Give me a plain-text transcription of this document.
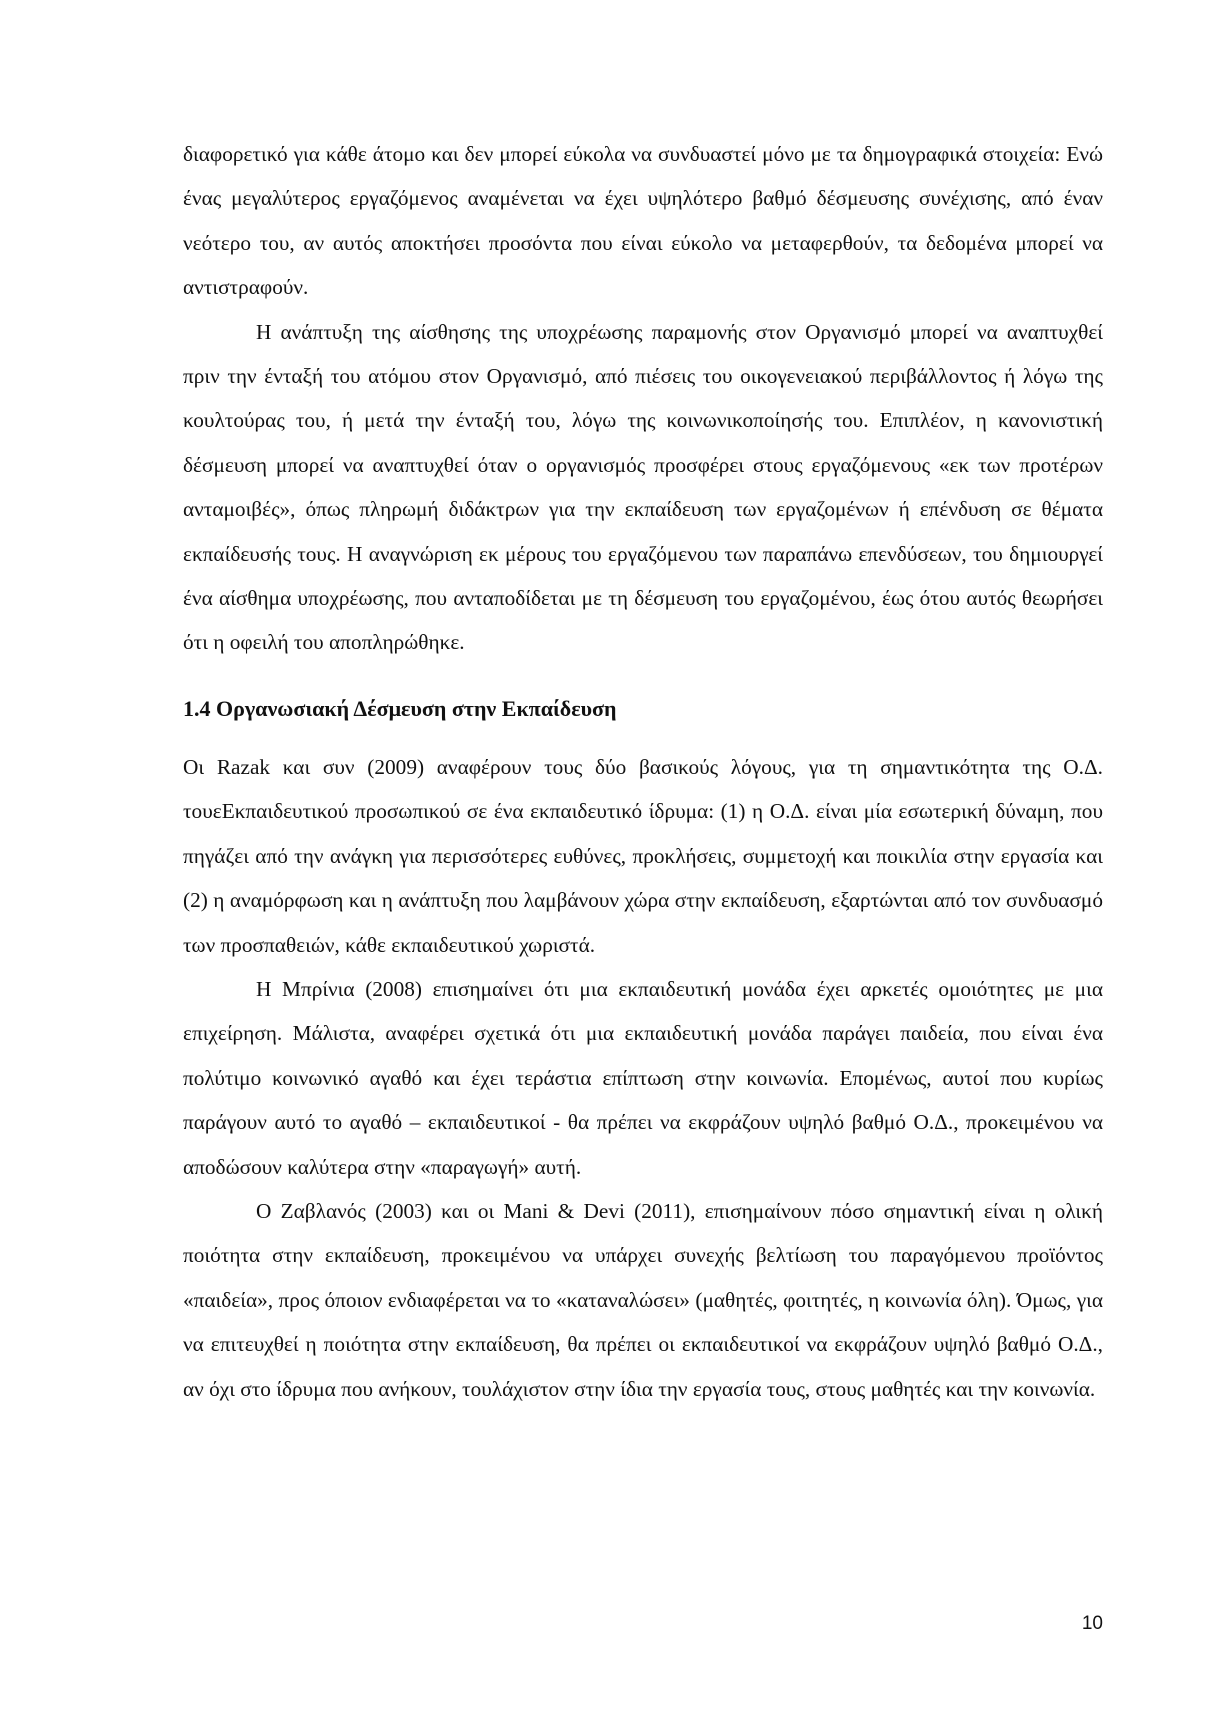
διαφορετικό για κάθε άτομο και δεν μπορεί εύκολα να συνδυαστεί μόνο με τα δημογραφικά στοιχεία: Ενώ ένας μεγαλύτερος εργαζόμενος αναμένεται να έχει υψηλότερο βαθμό δέσμευσης συνέχισης, από έναν νεότερο του, αν αυτός αποκτήσει προσόντα που είναι εύκολο να μεταφερθούν, τα δεδομένα μπορεί να αντιστραφούν.

Η ανάπτυξη της αίσθησης της υποχρέωσης παραμονής στον Οργανισμό μπορεί να αναπτυχθεί πριν την ένταξή του ατόμου στον Οργανισμό, από πιέσεις του οικογενειακού περιβάλλοντος ή λόγω της κουλτούρας του, ή μετά την ένταξή του, λόγω της κοινωνικοποίησής του. Επιπλέον, η κανονιστική δέσμευση μπορεί να αναπτυχθεί όταν ο οργανισμός προσφέρει στους εργαζόμενους «εκ των προτέρων ανταμοιβές», όπως πληρωμή διδάκτρων για την εκπαίδευση των εργαζομένων ή επένδυση σε θέματα εκπαίδευσής τους. Η αναγνώριση εκ μέρους του εργαζόμενου των παραπάνω επενδύσεων, του δημιουργεί ένα αίσθημα υποχρέωσης, που ανταποδίδεται με τη δέσμευση του εργαζομένου, έως ότου αυτός θεωρήσει ότι η οφειλή του αποπληρώθηκε.

1.4 Οργανωσιακή Δέσμευση στην Εκπαίδευση

Οι Razak και συν (2009) αναφέρουν τους δύο βασικούς λόγους, για τη σημαντικότητα της Ο.Δ. τουεΕκπαιδευτικού προσωπικού σε ένα εκπαιδευτικό ίδρυμα: (1) η Ο.Δ. είναι μία εσωτερική δύναμη, που πηγάζει από την ανάγκη για περισσότερες ευθύνες, προκλήσεις, συμμετοχή και ποικιλία στην εργασία και (2) η αναμόρφωση και η ανάπτυξη που λαμβάνουν χώρα στην εκπαίδευση, εξαρτώνται από τον συνδυασμό των προσπαθειών, κάθε εκπαιδευτικού χωριστά.

Η Μπρίνια (2008) επισημαίνει ότι μια εκπαιδευτική μονάδα έχει αρκετές ομοιότητες με μια επιχείρηση. Μάλιστα, αναφέρει σχετικά ότι μια εκπαιδευτική μονάδα παράγει παιδεία, που είναι ένα πολύτιμο κοινωνικό αγαθό και έχει τεράστια επίπτωση στην κοινωνία. Επομένως, αυτοί που κυρίως παράγουν αυτό το αγαθό – εκπαιδευτικοί - θα πρέπει να εκφράζουν υψηλό βαθμό Ο.Δ., προκειμένου να αποδώσουν καλύτερα στην «παραγωγή» αυτή.

Ο Ζαβλανός (2003) και οι Mani & Devi (2011), επισημαίνουν πόσο σημαντική είναι η ολική ποιότητα στην εκπαίδευση, προκειμένου να υπάρχει συνεχής βελτίωση του παραγόμενου προϊόντος «παιδεία», προς όποιον ενδιαφέρεται να το «καταναλώσει» (μαθητές, φοιτητές, η κοινωνία όλη). Όμως, για να επιτευχθεί η ποιότητα στην εκπαίδευση, θα πρέπει οι εκπαιδευτικοί να εκφράζουν υψηλό βαθμό Ο.Δ., αν όχι στο ίδρυμα που ανήκουν, τουλάχιστον στην ίδια την εργασία τους, στους μαθητές και την κοινωνία.

10
